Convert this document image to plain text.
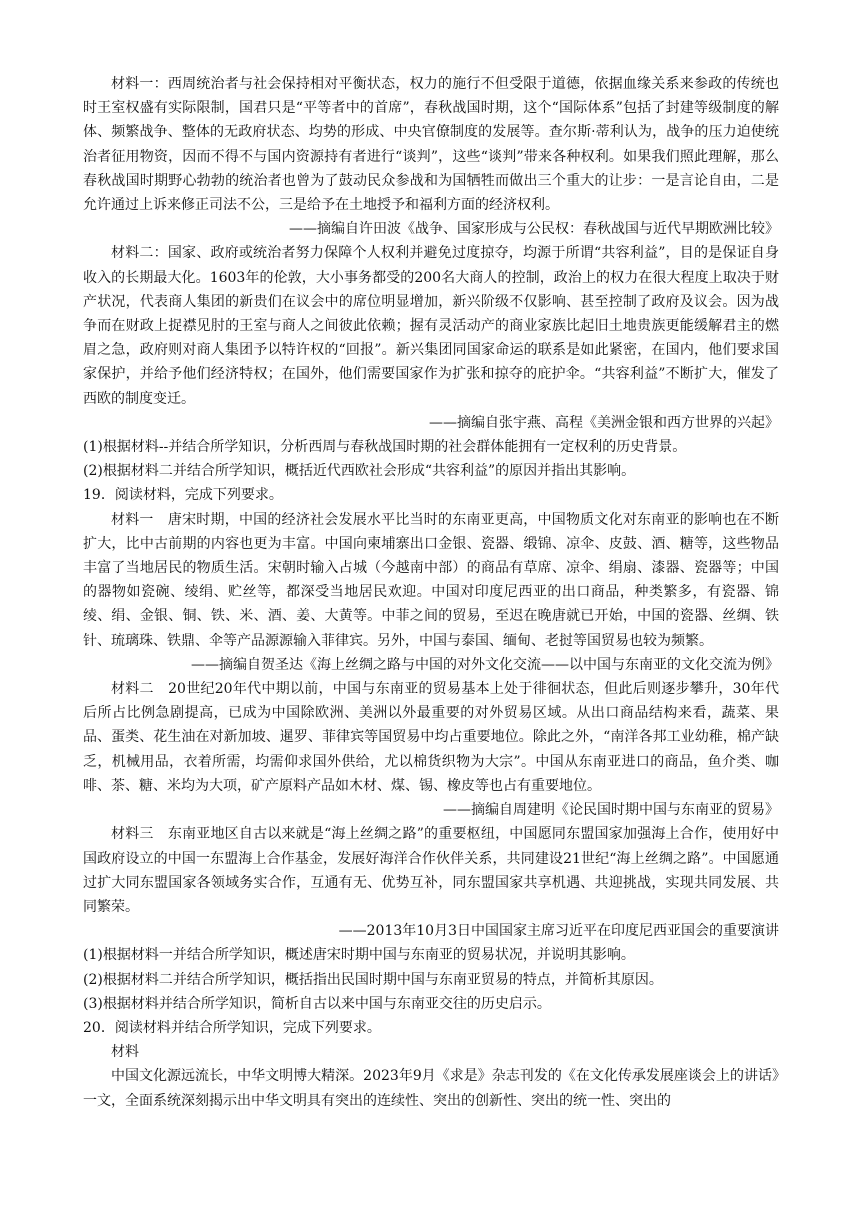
材料一：西周统治者与社会保持相对平衡状态，权力的施行不但受限于道德，依据血缘关系来参政的传统也时王室权盛有实际限制，国君只是“平等者中的首席”，春秋战国时期，这个“国际体系”包括了封建等级制度的解体、频繁战争、整体的无政府状态、均势的形成、中央官僚制度的发展等。查尔斯·蒂利认为，战争的压力迫使统治者征用物资，因而不得不与国内资源持有者进行“谈判”，这些“谈判”带来各种权利。如果我们照此理解，那么春秋战国时期野心勃勃的统治者也曾为了鼓动民众参战和为国牺牲而做出三个重大的让步：一是言论自由，二是允许通过上诉来修正司法不公，三是给予在土地授予和福利方面的经济权利。

——摘编自许田波《战争、国家形成与公民权：春秋战国与近代早期欧洲比较》

材料二：国家、政府或统治者努力保障个人权利并避免过度掠夺，均源于所谓“共容利益”，目的是保证自身收入的长期最大化。1603年的伦敦，大小事务都受的200名大商人的控制，政治上的权力在很大程度上取决于财产状况，代表商人集团的新贵们在议会中的席位明显增加，新兴阶级不仅影响、甚至控制了政府及议会。因为战争而在财政上捉襟见肘的王室与商人之间彼此依赖；握有灵活动产的商业家族比起旧土地贵族更能缓解君主的燃眉之急，政府则对商人集团予以特许权的“回报”。新兴集团同国家命运的联系是如此紧密，在国内，他们要求国家保护，并给予他们经济特权；在国外，他们需要国家作为扩张和掠夺的庇护伞。“共容利益”不断扩大，催发了西欧的制度变迁。

——摘编自张宇燕、高程《美洲金银和西方世界的兴起》

(1)根据材料--并结合所学知识，分析西周与春秋战国时期的社会群体能拥有一定权利的历史背景。

(2)根据材料二并结合所学知识，概括近代西欧社会形成“共容利益”的原因并指出其影响。

19．阅读材料，完成下列要求。

材料一　唐宋时期，中国的经济社会发展水平比当时的东南亚更高，中国物质文化对东南亚的影响也在不断扩大，比中古前期的内容也更为丰富。中国向柬埔寨出口金银、瓷器、缎锦、凉伞、皮鼓、酒、糖等，这些物品丰富了当地居民的物质生活。宋朝时输入占城（今越南中部）的商品有草席、凉伞、绢扇、漆器、瓷器等；中国的器物如瓷碗、绫绢、贮丝等，都深受当地居民欢迎。中国对印度尼西亚的出口商品，种类繁多，有瓷器、锦绫、绢、金银、铜、铁、米、酒、姜、大黄等。中菲之间的贸易，至迟在晚唐就已开始，中国的瓷器、丝绸、铁针、琉璃珠、铁鼎、伞等产品源源输入菲律宾。另外，中国与泰国、缅甸、老挝等国贸易也较为频繁。

——摘编自贺圣达《海上丝绸之路与中国的对外文化交流——以中国与东南亚的文化交流为例》

材料二　20世纪20年代中期以前，中国与东南亚的贸易基本上处于徘徊状态，但此后则逐步攀升，30年代后所占比例急剧提高，已成为中国除欧洲、美洲以外最重要的对外贸易区域。从出口商品结构来看，蔬菜、果品、蛋类、花生油在对新加坡、暹罗、菲律宾等国贸易中均占重要地位。除此之外，“南洋各邦工业幼稚，棉产缺乏，机械用品，衣着所需，均需仰求国外供给，尤以棉货织物为大宗”。中国从东南亚进口的商品，鱼介类、咖啡、茶、糖、米均为大项，矿产原料产品如木材、煤、锡、橡皮等也占有重要地位。

——摘编自周建明《论民国时期中国与东南亚的贸易》

材料三　东南亚地区自古以来就是“海上丝绸之路”的重要枢纽，中国愿同东盟国家加强海上合作，使用好中国政府设立的中国一东盟海上合作基金，发展好海洋合作伙伴关系，共同建设21世纪“海上丝绸之路”。中国愿通过扩大同东盟国家各领域务实合作，互通有无、优势互补，同东盟国家共享机遇、共迎挑战，实现共同发展、共同繁荣。

——2013年10月3日中国国家主席习近平在印度尼西亚国会的重要演讲

(1)根据材料一并结合所学知识，概述唐宋时期中国与东南亚的贸易状况，并说明其影响。

(2)根据材料二并结合所学知识，概括指出民国时期中国与东南亚贸易的特点，并简析其原因。

(3)根据材料并结合所学知识，简析自古以来中国与东南亚交往的历史启示。

20．阅读材料并结合所学知识，完成下列要求。

材料

中国文化源远流长，中华文明博大精深。2023年9月《求是》杂志刊发的《在文化传承发展座谈会上的讲话》一文，全面系统深刻揭示出中华文明具有突出的连续性、突出的创新性、突出的统一性、突出的
